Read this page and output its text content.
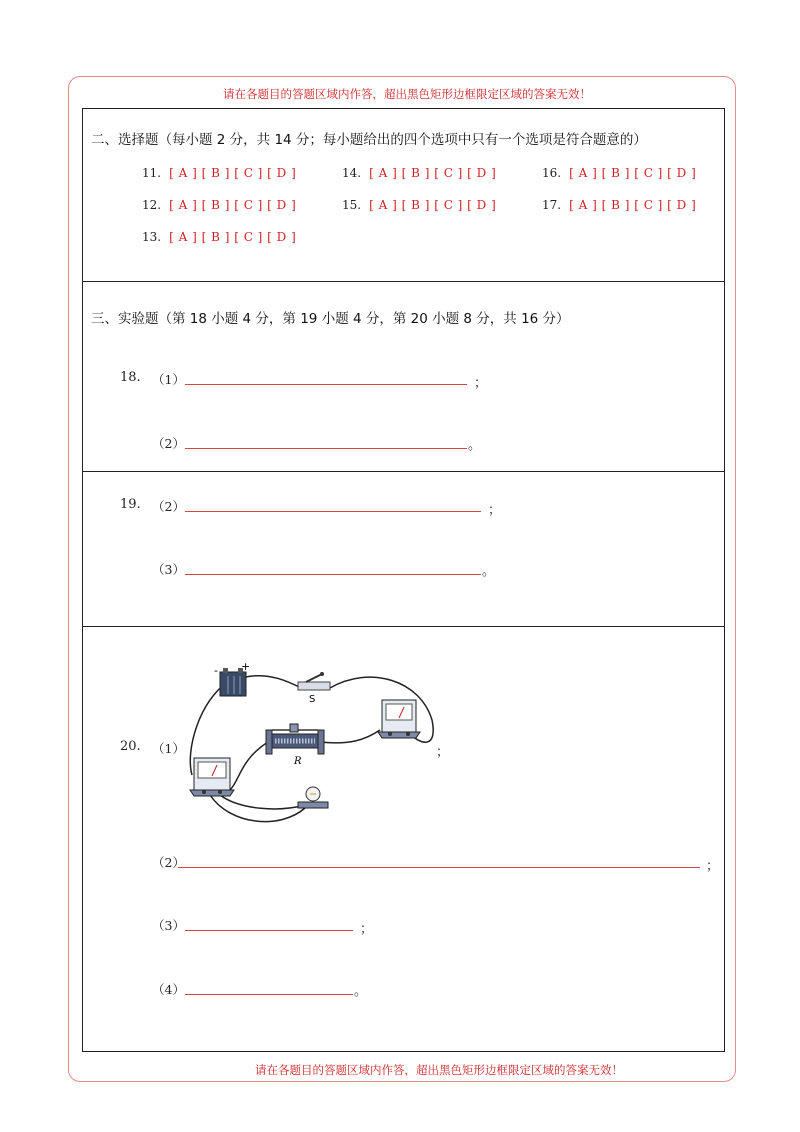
请在各题目的答题区域内作答，超出黑色矩形边框限定区域的答案无效！
请在各题目的答题区域内作答，超出黑色矩形边框限定区域的答案无效！
二、选择题（每小题 2 分，共 14 分；每小题给出的四个选项中只有一个选项是符合题意的）
11. [ A ] [ B ] [ C ] [ D ]	14. [ A ] [ B ] [ C ] [ D ]	16. [ A ] [ B ] [ C ] [ D ]
12. [ A ] [ B ] [ C ] [ D ]	15. [ A ] [ B ] [ C ] [ D ]	17. [ A ] [ B ] [ C ] [ D ]
13. [ A ] [ B ] [ C ] [ D ]
三、实验题（第 18 小题 4 分，第 19 小题 4 分，第 20 小题 8 分，共 16 分）
18. （1）	；
（2）	。
19. （2）	；
（3）	。
20. （1）
- +
S
R
；
（2）	；
（3）	；
（4）	。
